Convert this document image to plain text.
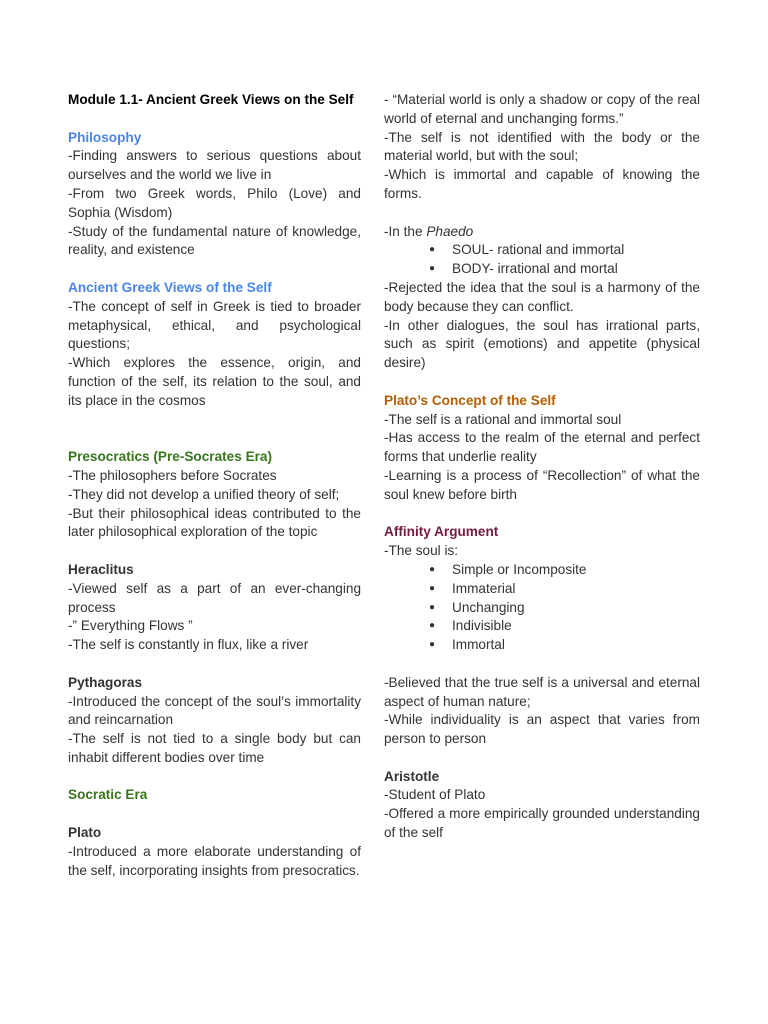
Module 1.1- Ancient Greek Views on the Self
Philosophy
-Finding answers to serious questions about ourselves and the world we live in
-From two Greek words, Philo (Love) and Sophia (Wisdom)
-Study of the fundamental nature of knowledge, reality, and existence
Ancient Greek Views of the Self
-The concept of self in Greek is tied to broader metaphysical, ethical, and psychological questions;
-Which explores the essence, origin, and function of the self, its relation to the soul, and its place in the cosmos
Presocratics (Pre-Socrates Era)
-The philosophers before Socrates
-They did not develop a unified theory of self;
-But their philosophical ideas contributed to the later philosophical exploration of the topic
Heraclitus
-Viewed self as a part of an ever-changing process
-” Everything Flows ”
-The self is constantly in flux, like a river
Pythagoras
-Introduced the concept of the soul’s immortality and reincarnation
-The self is not tied to a single body but can inhabit different bodies over time
Socratic Era
Plato
-Introduced a more elaborate understanding of the self, incorporating insights from presocratics.
- “Material world is only a shadow or copy of the real world of eternal and unchanging forms.”
-The self is not identified with the body or the material world, but with the soul;
-Which is immortal and capable of knowing the forms.
-In the Phaedo
● SOUL- rational and immortal
● BODY- irrational and mortal
-Rejected the idea that the soul is a harmony of the body because they can conflict.
-In other dialogues, the soul has irrational parts, such as spirit (emotions) and appetite (physical desire)
Plato’s Concept of the Self
-The self is a rational and immortal soul
-Has access to the realm of the eternal and perfect forms that underlie reality
-Learning is a process of “Recollection” of what the soul knew before birth
Affinity Argument
-The soul is:
● Simple or Incomposite
● Immaterial
● Unchanging
● Indivisible
● Immortal
-Believed that the true self is a universal and eternal aspect of human nature;
-While individuality is an aspect that varies from person to person
Aristotle
-Student of Plato
-Offered a more empirically grounded understanding of the self
